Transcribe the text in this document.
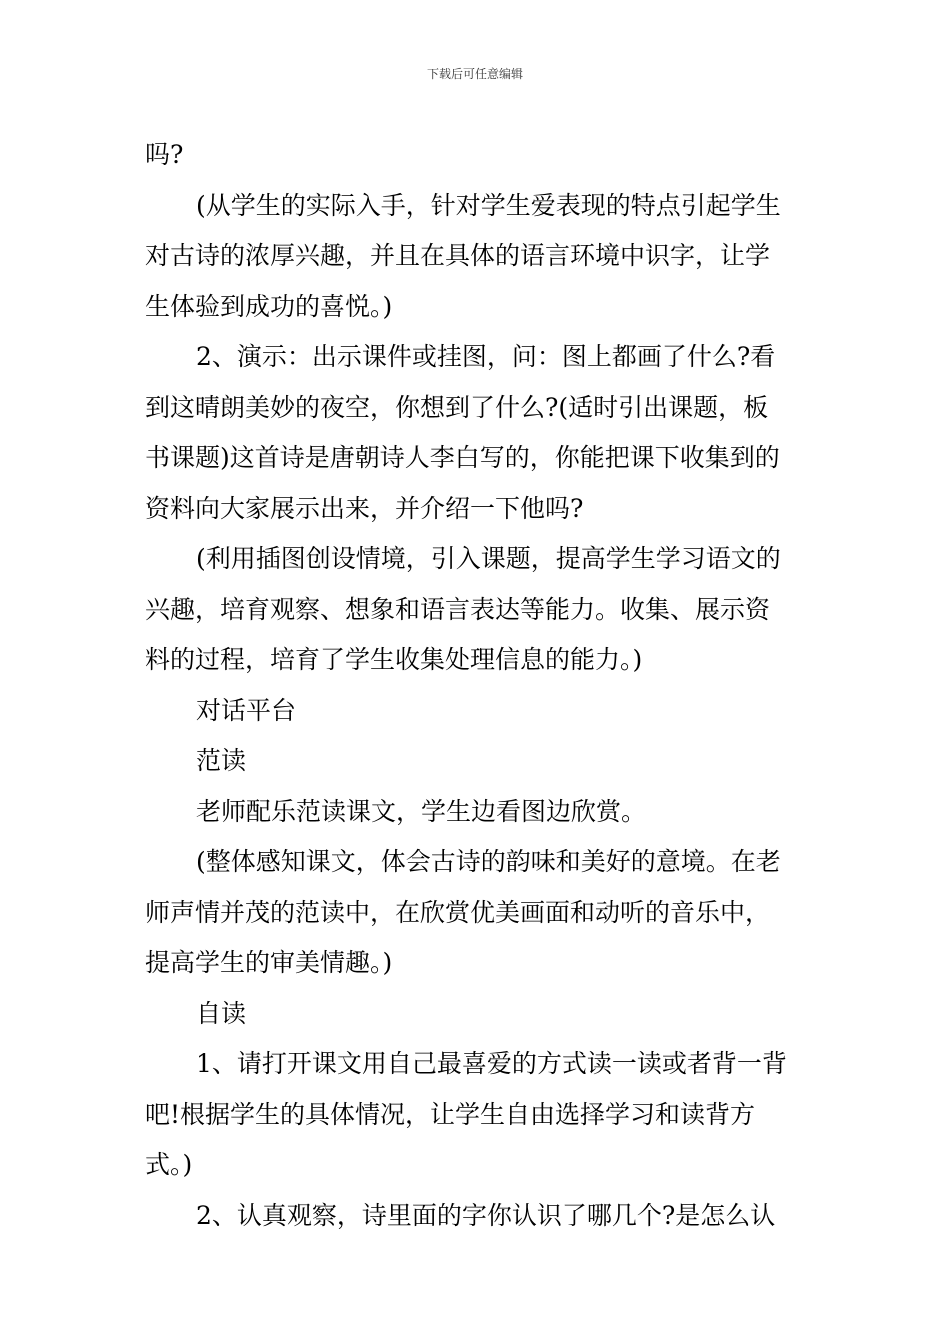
下载后可任意编辑
吗?
(从学生的实际入手，针对学生爱表现的特点引起学生
对古诗的浓厚兴趣，并且在具体的语言环境中识字，让学
生体验到成功的喜悦。)
2、演示：出示课件或挂图，问：图上都画了什么?看
到这晴朗美妙的夜空，你想到了什么?(适时引出课题，板
书课题)这首诗是唐朝诗人李白写的，你能把课下收集到的
资料向大家展示出来，并介绍一下他吗?
(利用插图创设情境，引入课题，提高学生学习语文的
兴趣，培育观察、想象和语言表达等能力。收集、展示资
料的过程，培育了学生收集处理信息的能力。)
对话平台
范读
老师配乐范读课文，学生边看图边欣赏。
(整体感知课文，体会古诗的韵味和美好的意境。在老
师声情并茂的范读中，在欣赏优美画面和动听的音乐中，
提高学生的审美情趣。)
自读
1、请打开课文用自己最喜爱的方式读一读或者背一背
吧!根据学生的具体情况，让学生自由选择学习和读背方
式。)
2、认真观察，诗里面的字你认识了哪几个?是怎么认
